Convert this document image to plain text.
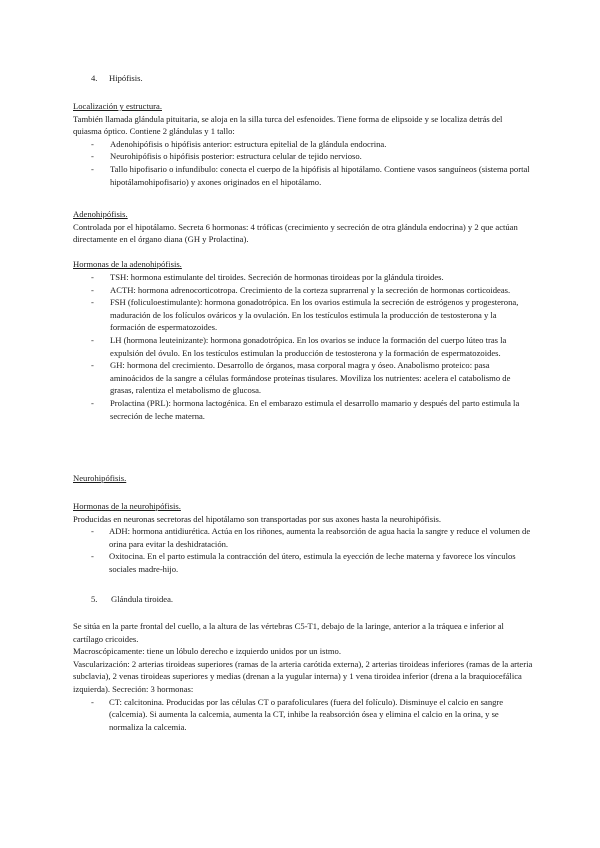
4. Hipófisis.
Localización y estructura.
También llamada glándula pituitaria, se aloja en la silla turca del esfenoides. Tiene forma de elipsoide y se localiza detrás del quiasma óptico. Contiene 2 glándulas y 1 tallo:
- Adenohipófisis o hipófisis anterior: estructura epitelial de la glándula endocrina.
- Neurohipófisis o hipófisis posterior: estructura celular de tejido nervioso.
- Tallo hipofisario o infundibulo: conecta el cuerpo de la hipófisis al hipotálamo. Contiene vasos sanguíneos (sistema portal hipotálamohipofisario) y axones originados en el hipotálamo.
Adenohipófisis.
Controlada por el hipotálamo. Secreta 6 hormonas: 4 tróficas (crecimiento y secreción de otra glándula endocrina) y 2 que actúan directamente en el órgano diana (GH y Prolactina).
Hormonas de la adenohipófisis.
- TSH: hormona estimulante del tiroides. Secreción de hormonas tiroideas por la glándula tiroides.
- ACTH: hormona adrenocorticotropa. Crecimiento de la corteza suprarrenal y la secreción de hormonas corticoideas.
- FSH (foliculoestimulante): hormona gonadotrópica. En los ovarios estimula la secreción de estrógenos y progesterona, maduración de los folículos ováricos y la ovulación. En los testículos estimula la producción de testosterona y la formación de espermatozoides.
- LH (hormona leuteinizante): hormona gonadotrópica. En los ovarios se induce la formación del cuerpo lúteo tras la expulsión del óvulo. En los testículos estimulan la producción de testosterona y la formación de espermatozoides.
- GH: hormona del crecimiento. Desarrollo de órganos, masa corporal magra y óseo. Anabolismo proteico: pasa aminoácidos de la sangre a células formándose proteínas tisulares. Moviliza los nutrientes: acelera el catabolismo de grasas, ralentiza el metabolismo de glucosa.
- Prolactina (PRL): hormona lactogénica. En el embarazo estimula el desarrollo mamario y después del parto estimula la secreción de leche materna.
Neurohipófisis.
Hormonas de la neurohipófisis.
Producidas en neuronas secretoras del hipotálamo son transportadas por sus axones hasta la neurohipófisis.
- ADH: hormona antidiurética. Actúa en los riñones, aumenta la reabsorción de agua hacia la sangre y reduce el volumen de orina para evitar la deshidratación.
- Oxitocina. En el parto estimula la contracción del útero, estimula la eyección de leche materna y favorece los vínculos sociales madre-hijo.
5. Glándula tiroidea.
Se sitúa en la parte frontal del cuello, a la altura de las vértebras C5-T1, debajo de la laringe, anterior a la tráquea e inferior al cartílago cricoides.
Macroscópicamente: tiene un lóbulo derecho e izquierdo unidos por un istmo.
Vascularización: 2 arterias tiroideas superiores (ramas de la arteria carótida externa), 2 arterias tiroideas inferiores (ramas de la arteria subclavia), 2 venas tiroideas superiores y medias (drenan a la yugular interna) y 1 vena tiroidea inferior (drena a la braquiocefálica izquierda). Secreción: 3 hormonas:
- CT: calcitonina. Producidas por las células CT o parafoliculares (fuera del folículo). Disminuye el calcio en sangre (calcemia). Si aumenta la calcemia, aumenta la CT, inhibe la reabsorción ósea y elimina el calcio en la orina, y se normaliza la calcemia.
